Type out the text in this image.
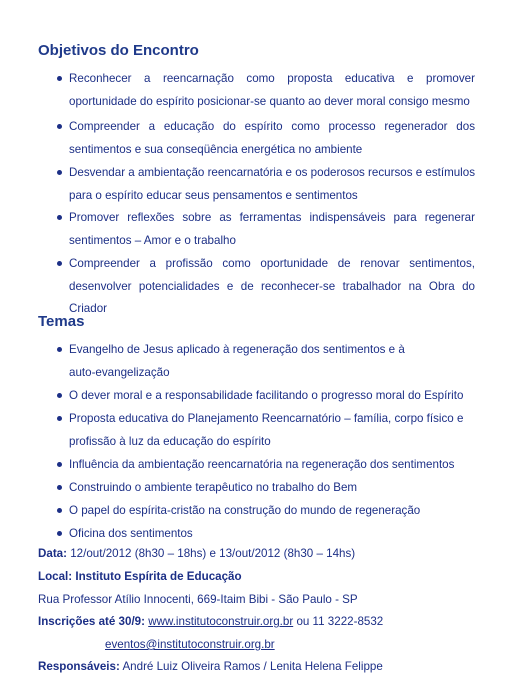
Objetivos do Encontro
Reconhecer a reencarnação como proposta educativa e promover oportunidade do espírito posicionar-se quanto ao dever moral consigo mesmo
Compreender a educação do espírito como processo regenerador dos sentimentos e sua conseqüência energética no ambiente
Desvendar a ambientação reencarnatória e os poderosos recursos e estímulos para o espírito educar seus pensamentos e sentimentos
Promover reflexões sobre as ferramentas indispensáveis para regenerar sentimentos – Amor e o trabalho
Compreender a profissão como oportunidade de renovar sentimentos, desenvolver potencialidades e de reconhecer-se trabalhador na Obra do Criador
Temas
Evangelho de Jesus aplicado à regeneração dos sentimentos e à auto-evangelização
O dever moral e a responsabilidade facilitando o progresso moral do Espírito
Proposta educativa do Planejamento Reencarnatório – família, corpo físico e profissão à luz da educação do espírito
Influência da ambientação reencarnatória na regeneração dos sentimentos
Construindo o ambiente terapêutico no trabalho do Bem
O papel do espírita-cristão na construção do mundo de regeneração
Oficina dos sentimentos
Data: 12/out/2012 (8h30 – 18hs) e 13/out/2012 (8h30 – 14hs)
Local: Instituto Espírita de Educação
Rua Professor Atílio Innocenti, 669-Itaim Bibi - São Paulo - SP
Inscrições até 30/9: www.institutoconstruir.org.br ou 11 3222-8532
eventos@institutoconstruir.org.br
Responsáveis: André Luiz Oliveira Ramos / Lenita Helena Felippe
